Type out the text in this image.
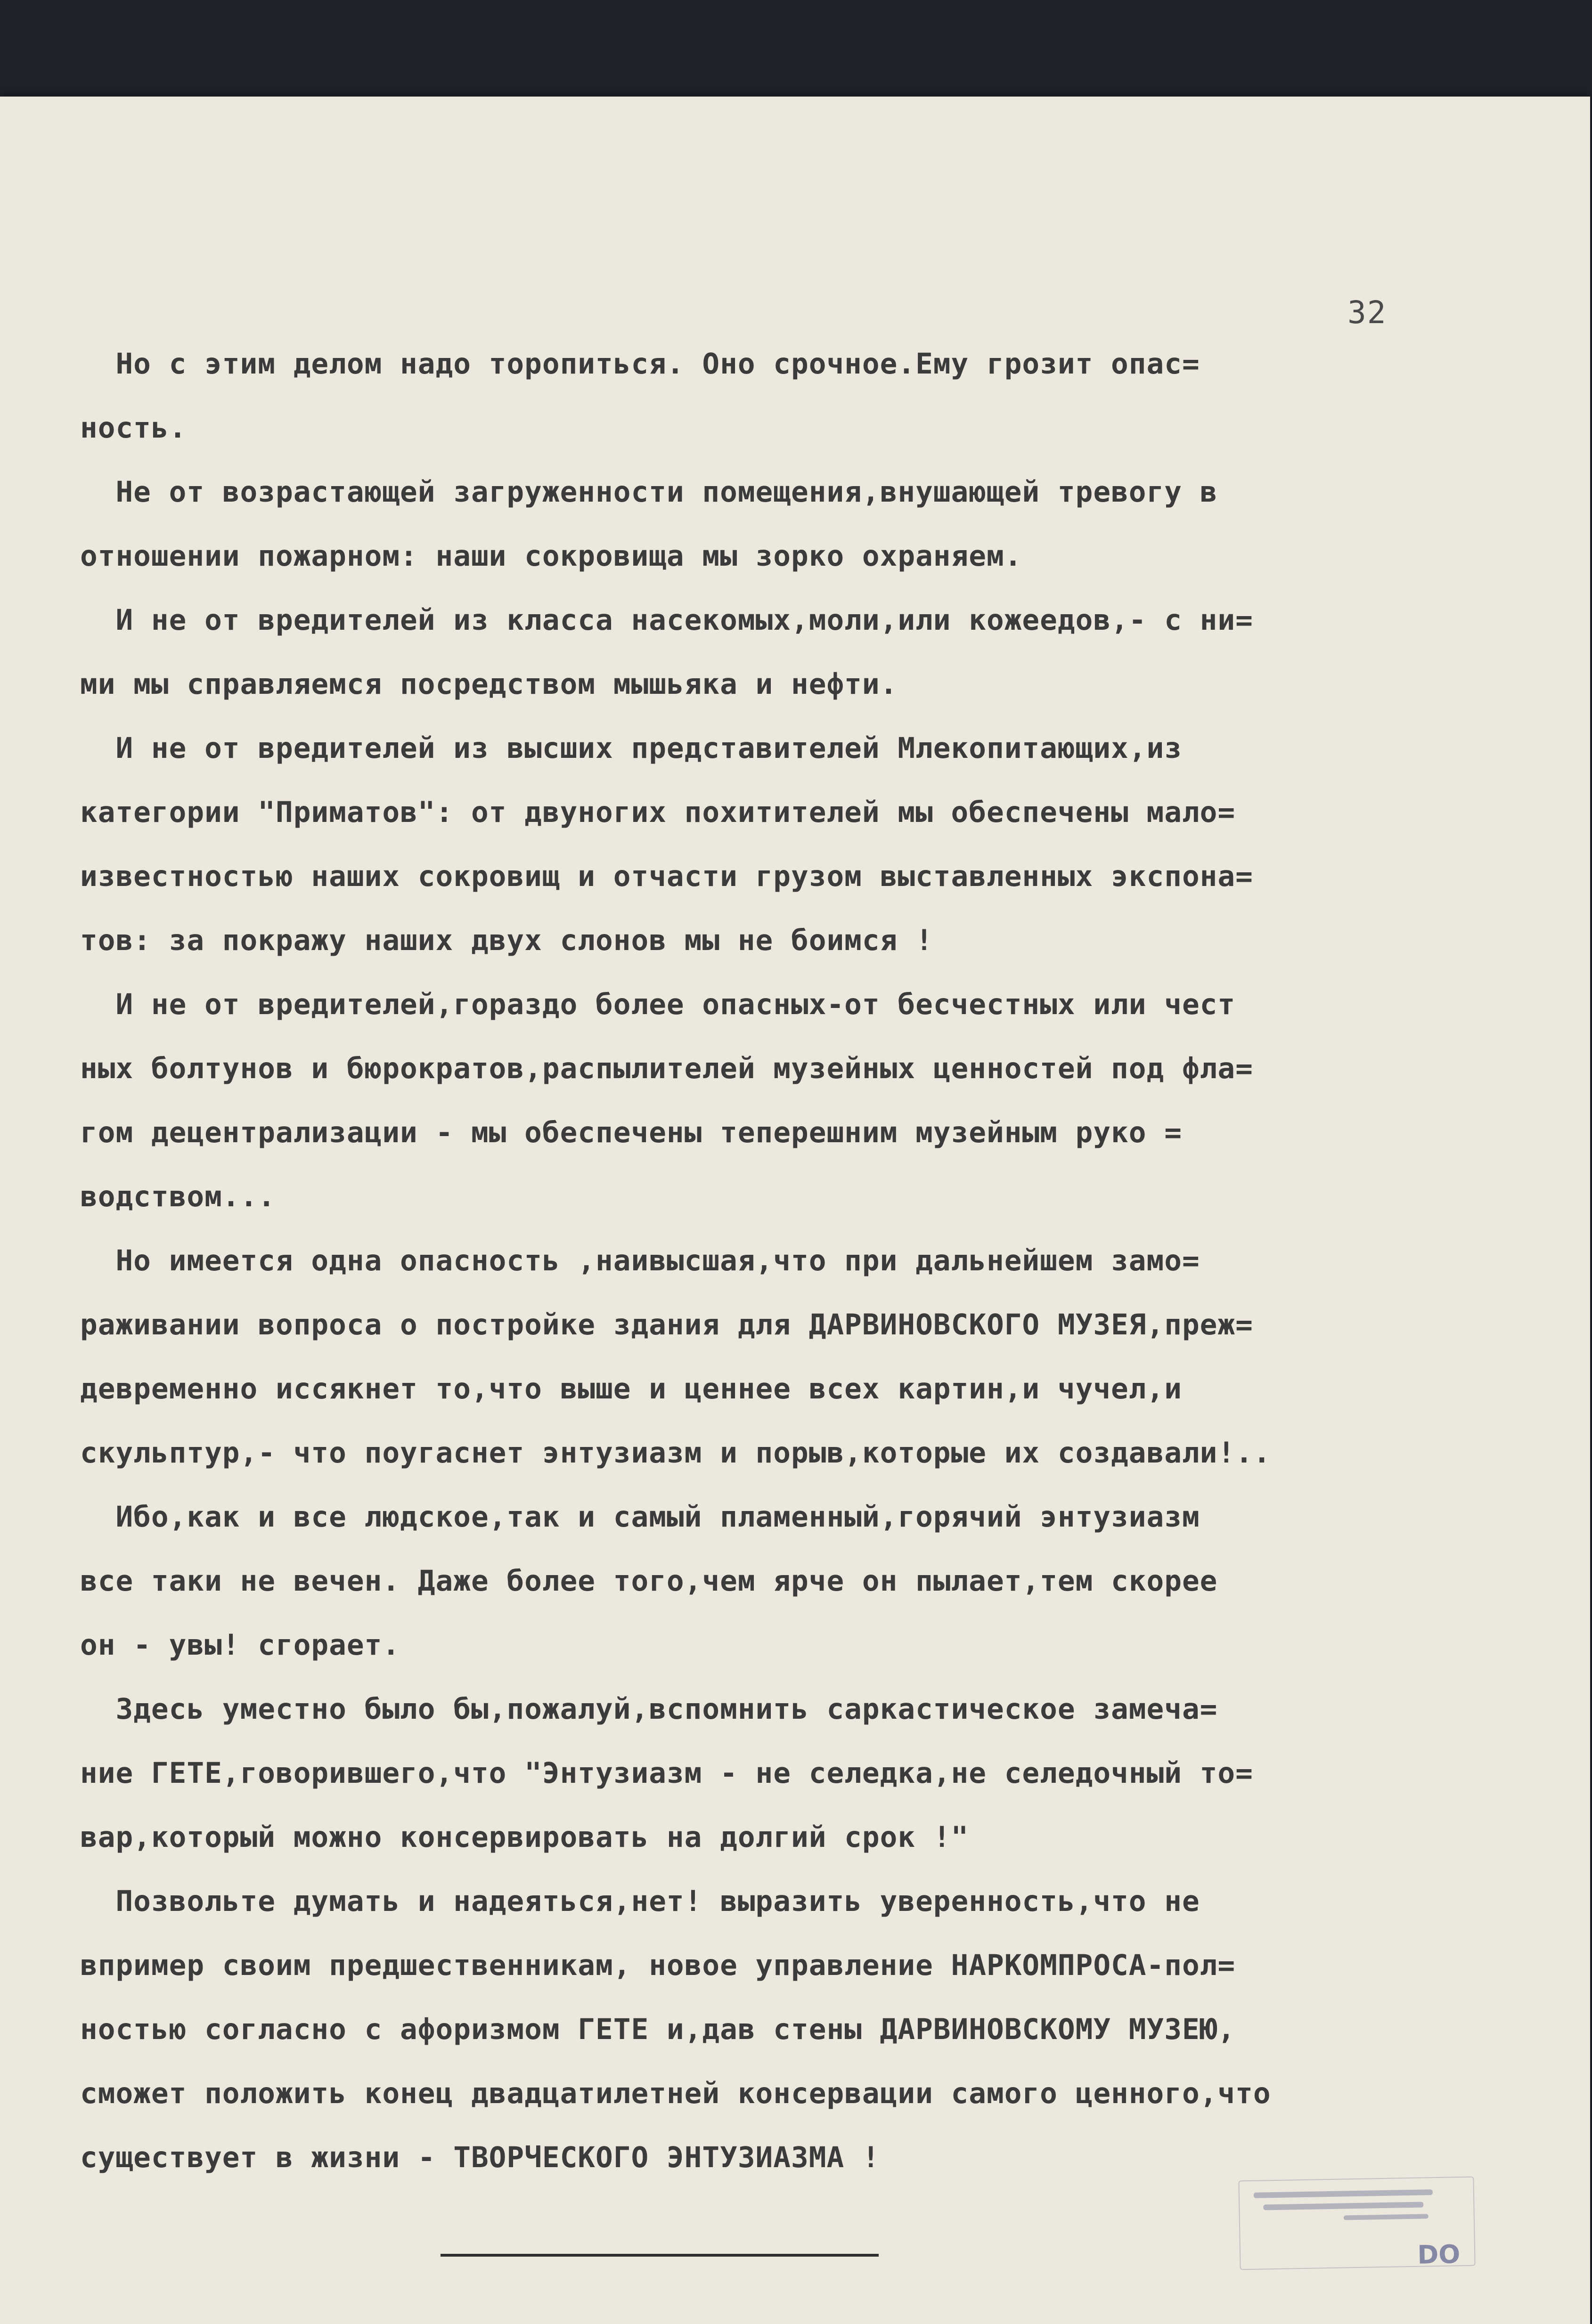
32
Но с этим делом надо торопиться. Оно срочное.Ему грозит опас=
ность.
Не от возрастающей загруженности помещения,внушающей тревогу в
отношении пожарном: наши сокровища мы зорко охраняем.
И не от вредителей из класса насекомых,моли,или кожеедов,- с ни=
ми мы справляемся посредством мышьяка и нефти.
И не от вредителей из высших представителей Млекопитающих,из
категории "Приматов": от двуногих похитителей мы обеспечены мало=
известностью наших сокровищ и отчасти грузом выставленных экспона=
тов: за покражу наших двух слонов мы не боимся !
И не от вредителей,гораздо более опасных-от бесчестных или чест
ных болтунов и бюрократов,распылителей музейных ценностей под фла=
гом децентрализации - мы обеспечены теперешним музейным руко =
водством...
Но имеется одна опасность ,наивысшая,что при дальнейшем замо=
раживании вопроса о постройке здания для ДАРВИНОВСКОГО МУЗЕЯ,преж=
девременно иссякнет то,что выше и ценнее всех картин,и чучел,и
скульптур,- что поугаснет энтузиазм и порыв,которые их создавали!..
Ибо,как и все людское,так и самый пламенный,горячий энтузиазм
все таки не вечен. Даже более того,чем ярче он пылает,тем скорее
он - увы! сгорает.
Здесь уместно было бы,пожалуй,вспомнить саркастическое замеча=
ние ГЕТЕ,говорившего,что "Энтузиазм - не селедка,не селедочный то=
вар,который можно консервировать на долгий срок !"
Позвольте думать и надеяться,нет! выразить уверенность,что не
впример своим предшественникам, новое управление НАРКОМПРОСА-пол=
ностью согласно с афоризмом ГЕТЕ и,дав стены ДАРВИНОВСКОМУ МУЗЕЮ,
сможет положить конец двадцатилетней консервации самого ценного,что
существует в жизни - ТВОРЧЕСКОГО ЭНТУЗИАЗМА !
DO
